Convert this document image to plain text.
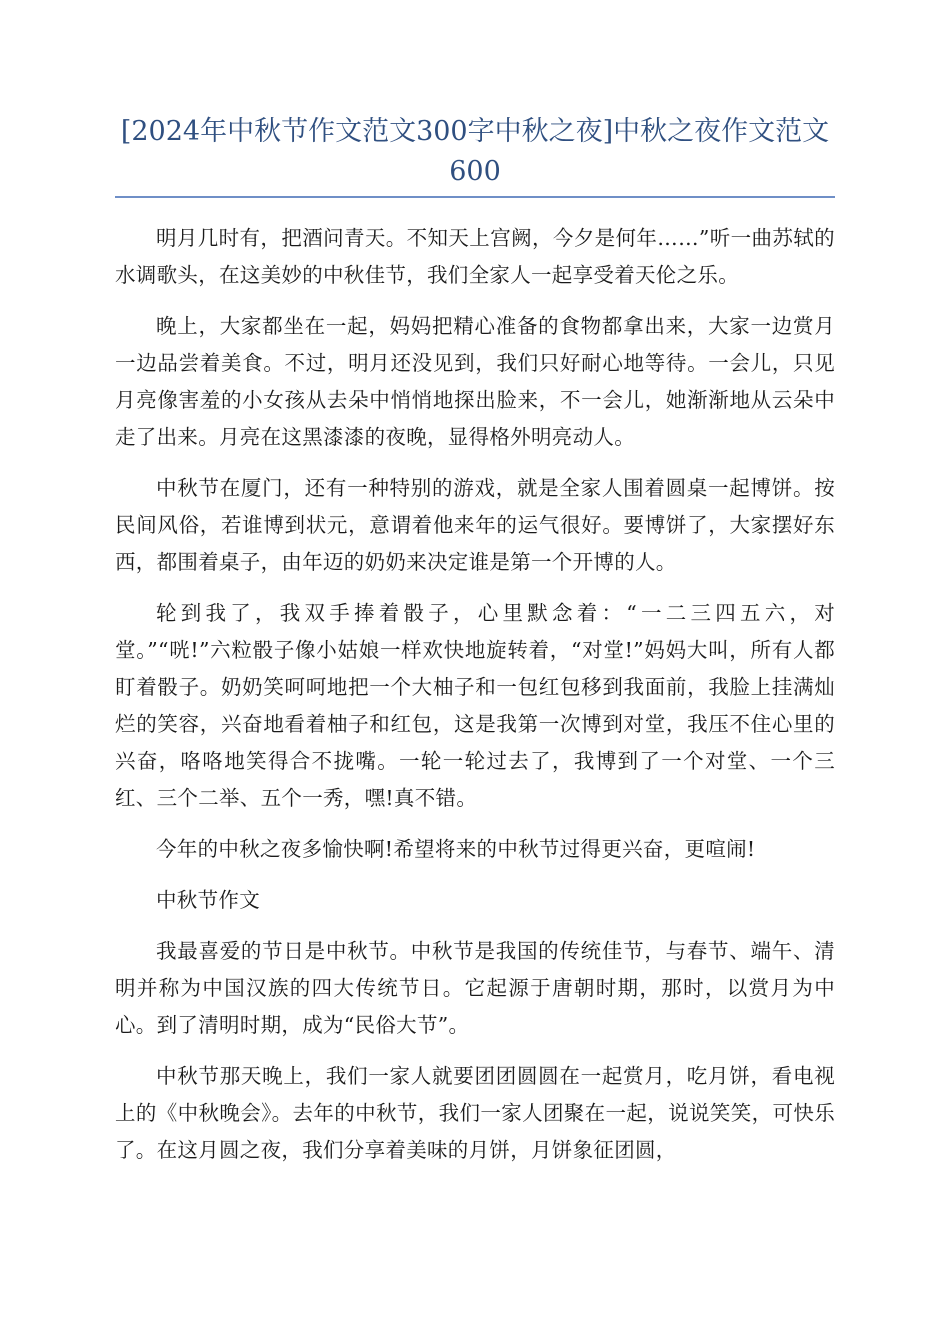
[2024年中秋节作文范文300字中秋之夜]中秋之夜作文范文600

明月几时有，把酒问青天。不知天上宫阙，今夕是何年……”听一曲苏轼的水调歌头，在这美妙的中秋佳节，我们全家人一起享受着天伦之乐。

晚上，大家都坐在一起，妈妈把精心准备的食物都拿出来，大家一边赏月一边品尝着美食。不过，明月还没见到，我们只好耐心地等待。一会儿，只见月亮像害羞的小女孩从去朵中悄悄地探出脸来，不一会儿，她渐渐地从云朵中走了出来。月亮在这黑漆漆的夜晚，显得格外明亮动人。

中秋节在厦门，还有一种特别的游戏，就是全家人围着圆桌一起博饼。按民间风俗，若谁博到状元，意谓着他来年的运气很好。要博饼了，大家摆好东西，都围着桌子，由年迈的奶奶来决定谁是第一个开博的人。

轮到我了，我双手捧着骰子，心里默念着：“一二三四五六，对堂。”“咣!”六粒骰子像小姑娘一样欢快地旋转着，“对堂!”妈妈大叫，所有人都盯着骰子。奶奶笑呵呵地把一个大柚子和一包红包移到我面前，我脸上挂满灿烂的笑容，兴奋地看着柚子和红包，这是我第一次博到对堂，我压不住心里的兴奋，咯咯地笑得合不拢嘴。一轮一轮过去了，我博到了一个对堂、一个三红、三个二举、五个一秀，嘿!真不错。

今年的中秋之夜多愉快啊!希望将来的中秋节过得更兴奋，更喧闹!

中秋节作文

我最喜爱的节日是中秋节。中秋节是我国的传统佳节，与春节、端午、清明并称为中国汉族的四大传统节日。它起源于唐朝时期，那时，以赏月为中心。到了清明时期，成为“民俗大节”。

中秋节那天晚上，我们一家人就要团团圆圆在一起赏月，吃月饼，看电视上的《中秋晚会》。去年的中秋节，我们一家人团聚在一起，说说笑笑，可快乐了。在这月圆之夜，我们分享着美味的月饼，月饼象征团圆，
